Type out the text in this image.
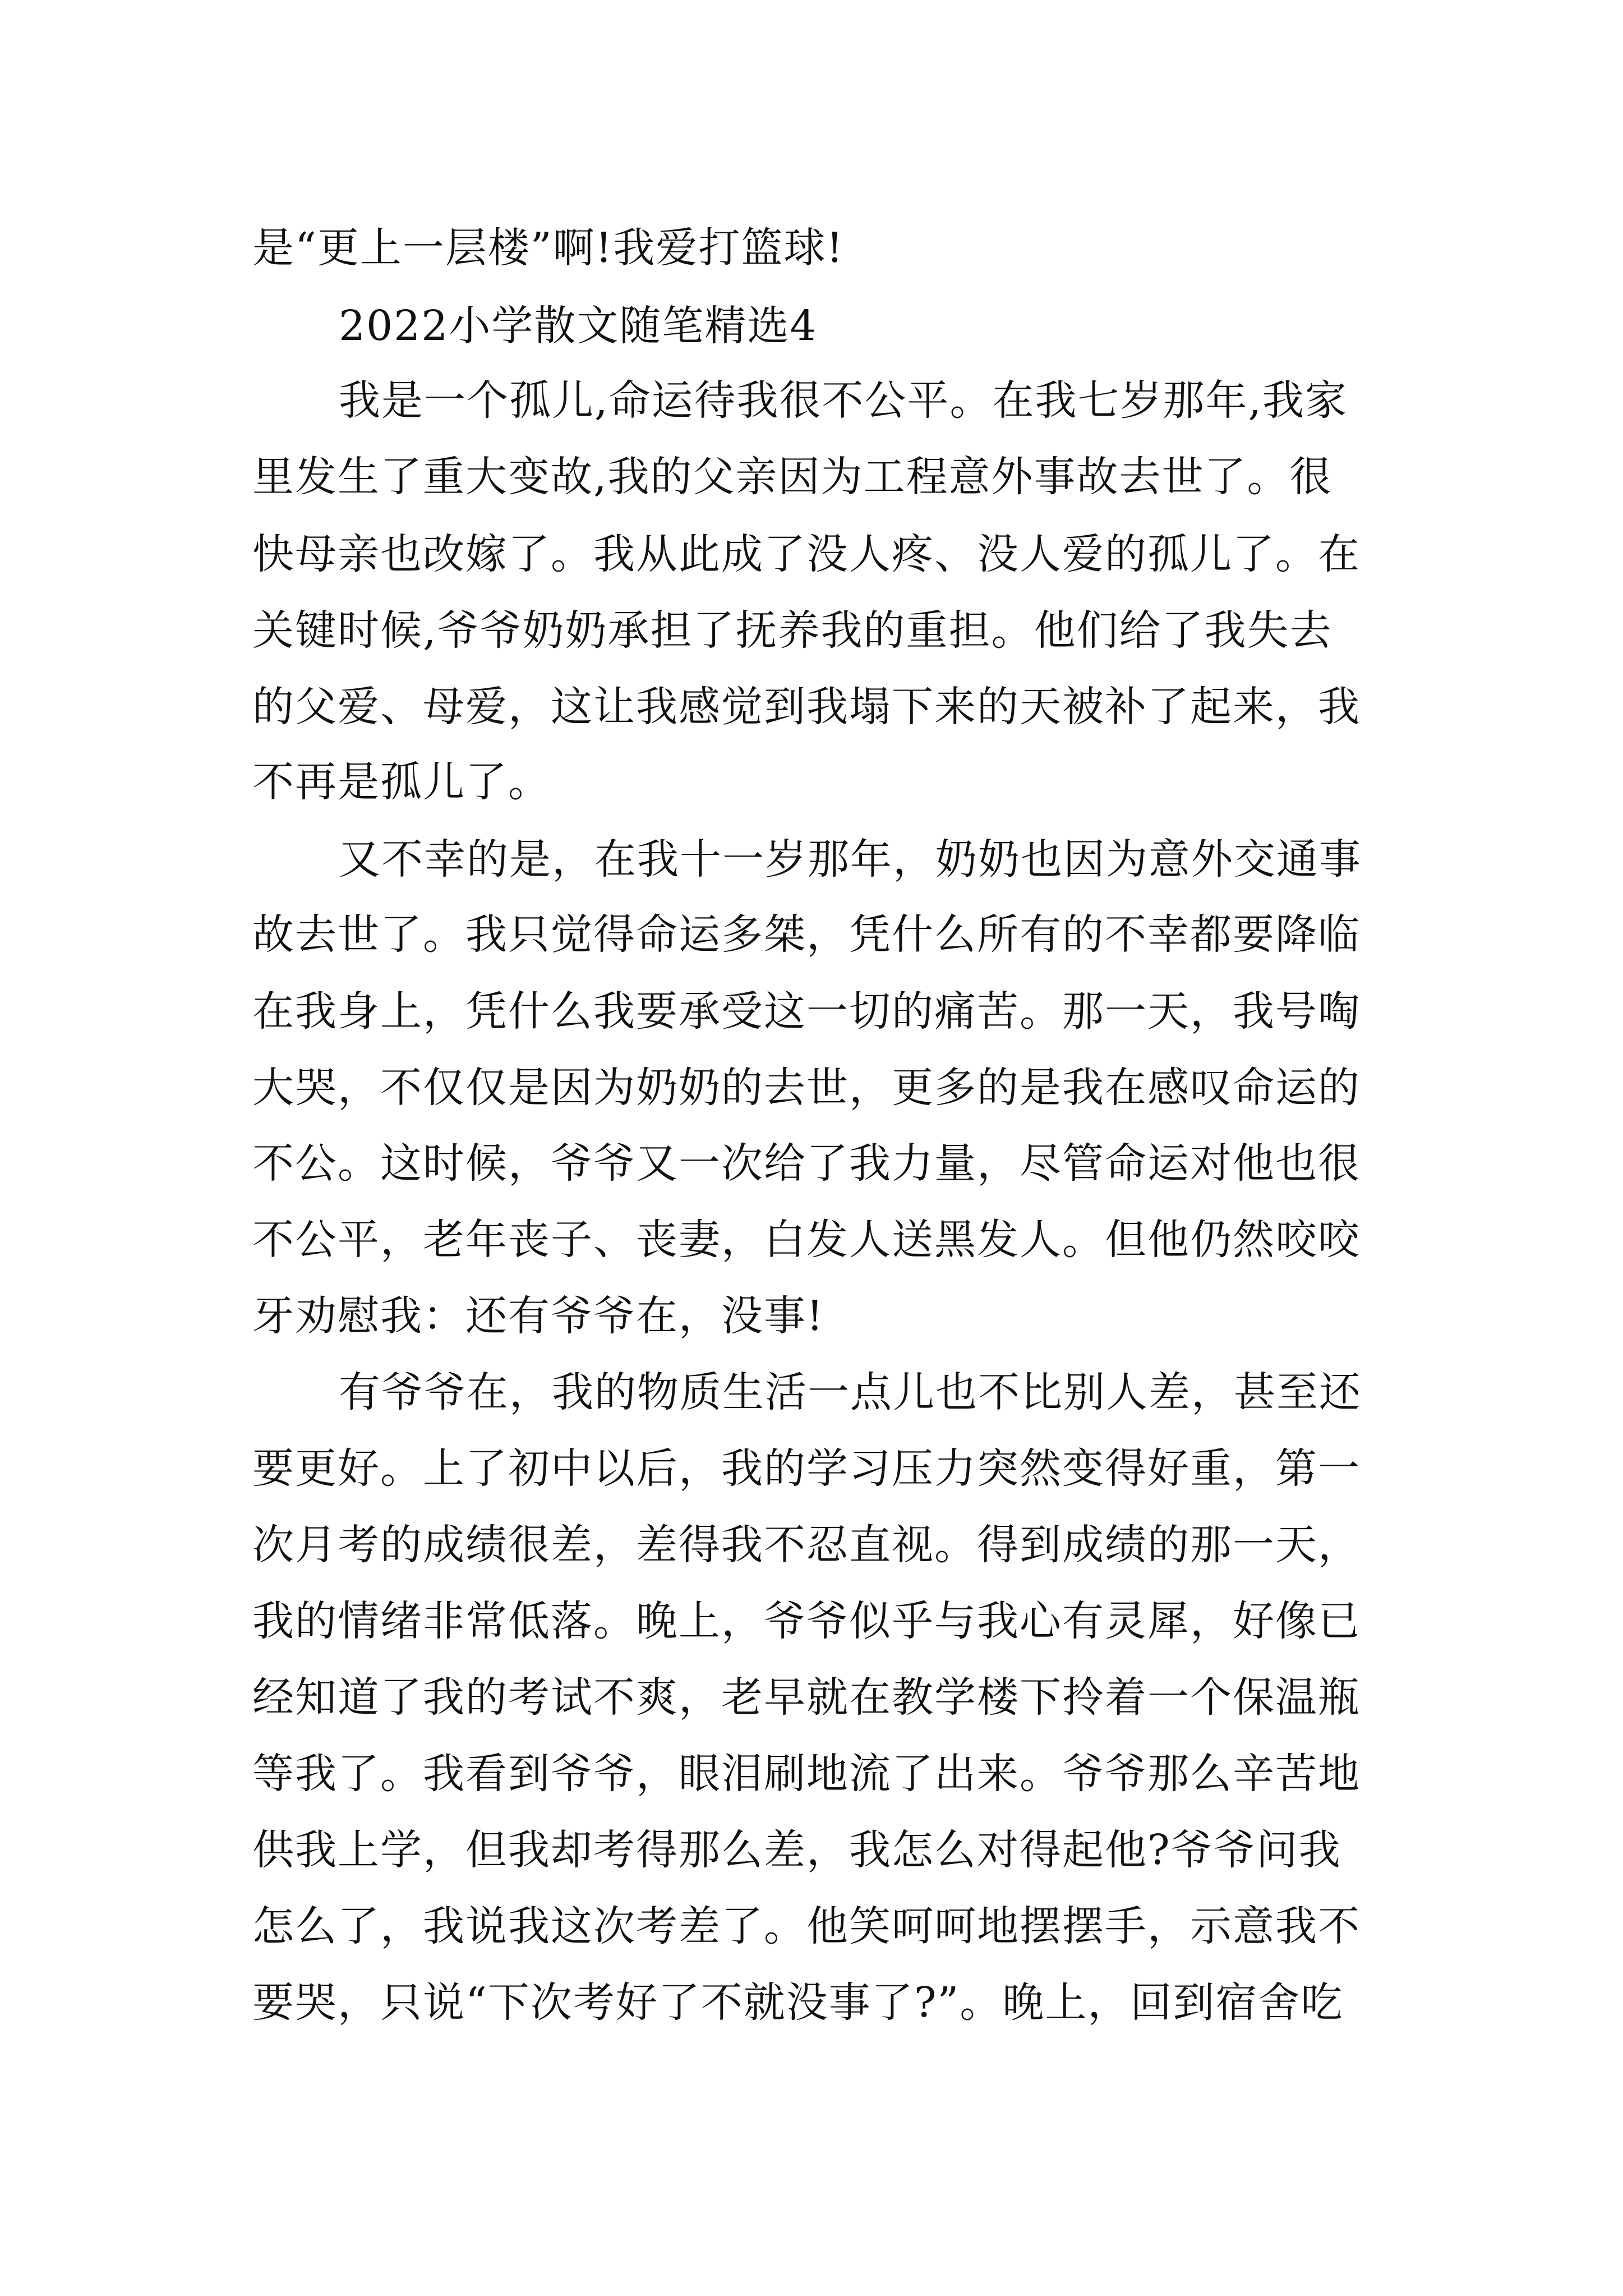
是“更上一层楼”啊!我爱打篮球!
2022小学散文随笔精选4
我是一个孤儿,命运待我很不公平。在我七岁那年,我家
里发生了重大变故,我的父亲因为工程意外事故去世了。很
快母亲也改嫁了。我从此成了没人疼、没人爱的孤儿了。在
关键时候,爷爷奶奶承担了抚养我的重担。他们给了我失去
的父爱、母爱，这让我感觉到我塌下来的天被补了起来，我
不再是孤儿了。
又不幸的是，在我十一岁那年，奶奶也因为意外交通事
故去世了。我只觉得命运多桀，凭什么所有的不幸都要降临
在我身上，凭什么我要承受这一切的痛苦。那一天，我号啕
大哭，不仅仅是因为奶奶的去世，更多的是我在感叹命运的
不公。这时候，爷爷又一次给了我力量，尽管命运对他也很
不公平，老年丧子、丧妻，白发人送黑发人。但他仍然咬咬
牙劝慰我：还有爷爷在，没事!
有爷爷在，我的物质生活一点儿也不比别人差，甚至还
要更好。上了初中以后，我的学习压力突然变得好重，第一
次月考的成绩很差，差得我不忍直视。得到成绩的那一天，
我的情绪非常低落。晚上，爷爷似乎与我心有灵犀，好像已
经知道了我的考试不爽，老早就在教学楼下拎着一个保温瓶
等我了。我看到爷爷，眼泪刷地流了出来。爷爷那么辛苦地
供我上学，但我却考得那么差，我怎么对得起他?爷爷问我
怎么了，我说我这次考差了。他笑呵呵地摆摆手，示意我不
要哭，只说“下次考好了不就没事了?”。晚上，回到宿舍吃
